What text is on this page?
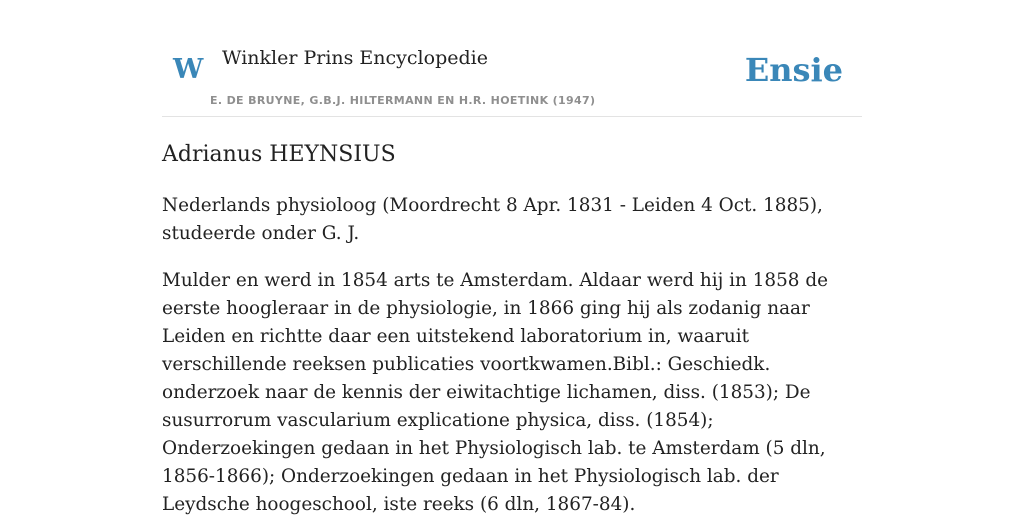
W Winkler Prins Encyclopedie
E. DE BRUYNE, G.B.J. HILTERMANN EN H.R. HOETINK (1947)
Ensie
Adrianus HEYNSIUS

Nederlands physioloog (Moordrecht 8 Apr. 1831 - Leiden 4 Oct. 1885), studeerde onder G. J.

Mulder en werd in 1854 arts te Amsterdam. Aldaar werd hij in 1858 de eerste hoogleraar in de physiologie, in 1866 ging hij als zodanig naar Leiden en richtte daar een uitstekend laboratorium in, waaruit verschillende reeksen publicaties voortkwamen.Bibl.: Geschiedk. onderzoek naar de kennis der eiwitachtige lichamen, diss. (1853); De susurrorum vascularium explicatione physica, diss. (1854); Onderzoekingen gedaan in het Physiologisch lab. te Amsterdam (5 dln, 1856-1866); Onderzoekingen gedaan in het Physiologisch lab. der Leydsche hoogeschool, iste reeks (6 dln, 1867-84).
